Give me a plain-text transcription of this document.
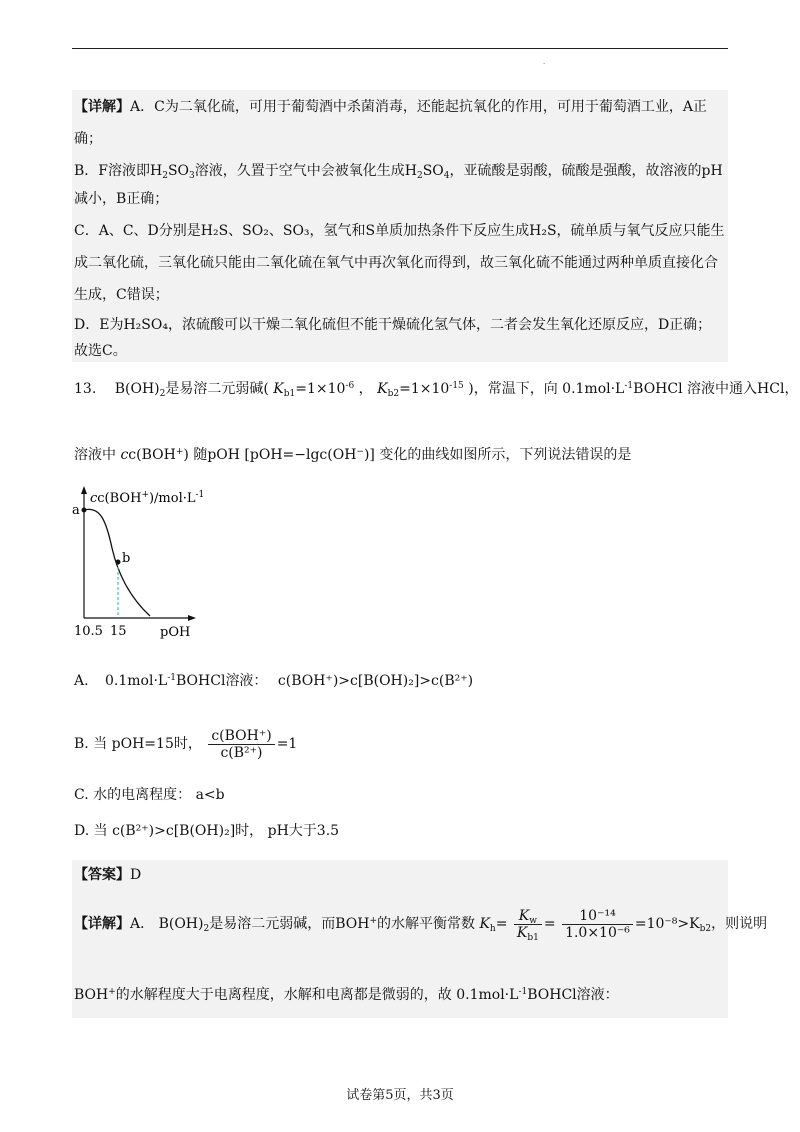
·
【详解】A．C为二氧化硫，可用于葡萄酒中杀菌消毒，还能起抗氧化的作用，可用于葡萄酒工业，A正
确；
B．F溶液即$H_2SO_3$溶液，久置于空气中会被氧化生成$H_2SO_4$，亚硫酸是弱酸，硫酸是强酸，故溶液的pH
减小，B正确；
C．A、C、D分别是H₂S、SO₂、SO₃，氢气和S单质加热条件下反应生成H₂S，硫单质与氧气反应只能生
成二氧化硫，三氧化硫只能由二氧化硫在氧气中再次氧化而得到，故三氧化硫不能通过两种单质直接化合
生成，C错误；
D．E为H₂SO₄，浓硫酸可以干燥二氧化硫但不能干燥硫化氢气体，二者会发生氧化还原反应，D正确；
故选C。
13. $B(OH)_2$是易溶二元弱碱( $K_{b1}=1\times 10^{-6}$ ， $K_{b2}=1\times 10^{-15}$ )，常温下，向 $0.1mol\cdot L^{-1}BOHCl$ 溶液中通入HCl，
溶液中 cc(BOH+) 随pOH [pOH=−lgc(OH−)] 变化的曲线如图所示，下列说法错误的是
a
b
$cc(BOH^+)/mol\cdot L^{-1}$
10.5 15	pOH
A. $0.1mol\cdot L^{-1}BOHCl$溶液： c(BOH⁺)>c[B(OH)₂]>c(B²⁺)
B. 当 pOH=15时， $\frac{\text{c(BOH⁺)}}{\text{c(B²⁺)}} =1$
C. 水的电离程度： a<b
D. 当 c(B²⁺)>c[B(OH)₂]时， pH大于3.5
【答案】D
【详解】A． $B(OH)_2$是易溶二元弱碱，而BOH+的水解平衡常数 $K_h= \frac{K_w}{K_{b1}} = \frac{\text{10⁻¹⁴}}{\text{1.0×10⁻⁶}} =10^{-8}>K_{b2}$，则说明
BOH+的水解程度大于电离程度，水解和电离都是微弱的，故 $0.1mol\cdot L^{-1}BOHCl$溶液：
试卷第5页，共3页
